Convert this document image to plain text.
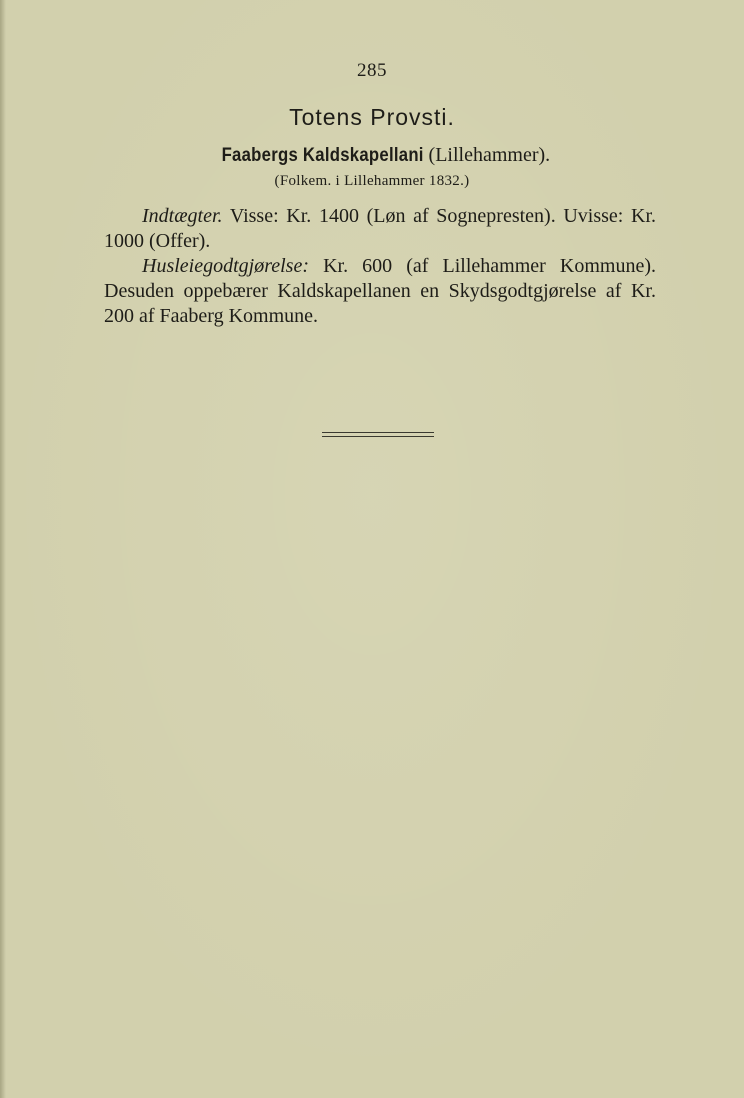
285
Totens Provsti.
Faabergs Kaldskapellani (Lillehammer).
(Folkem. i Lillehammer 1832.)

Indtægter. Visse: Kr. 1400 (Løn af Sognepresten). Uvisse: Kr. 1000 (Offer).

Husleiegodtgjørelse: Kr. 600 (af Lillehammer Kommune). Desuden oppebærer Kaldskapellanen en Skydsgodtgjørelse af Kr. 200 af Faaberg Kommune.
